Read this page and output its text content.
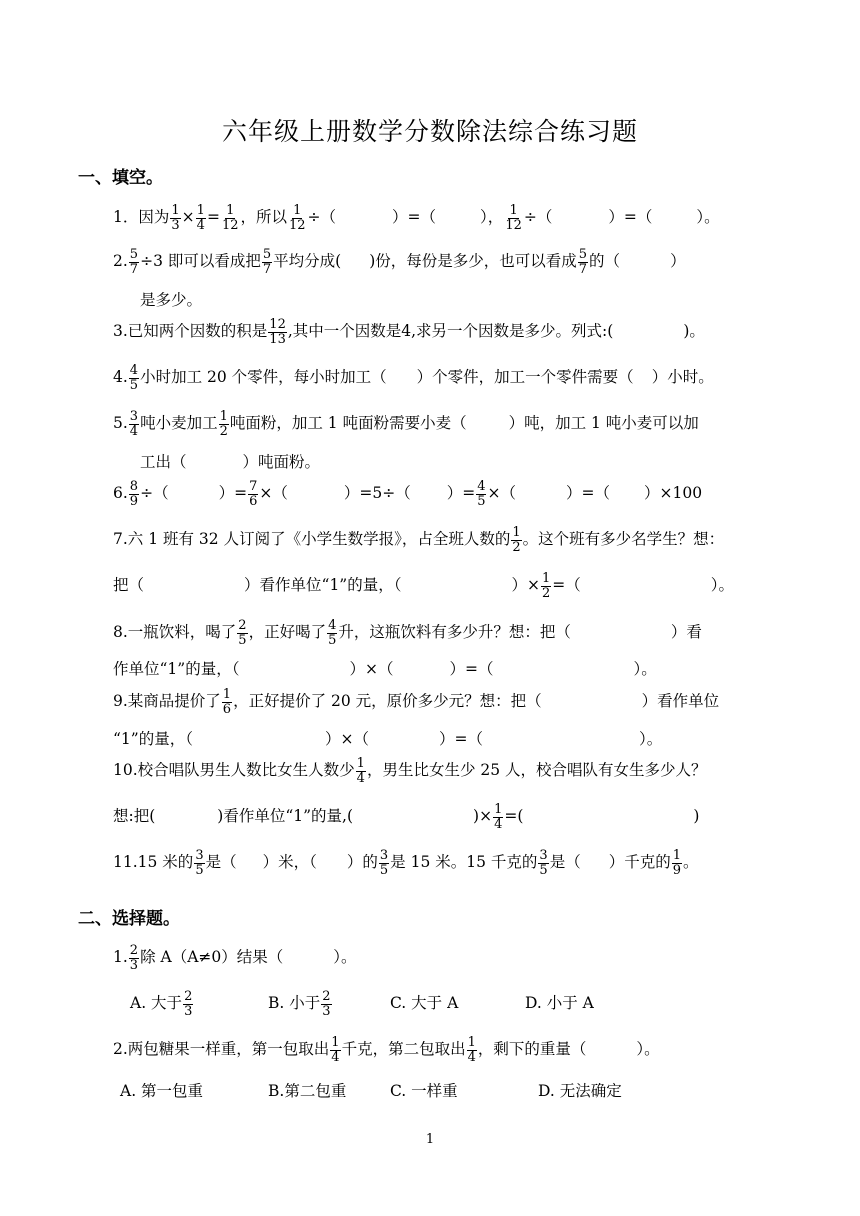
六年级上册数学分数除法综合练习题
一、填空。
1．因为 $\frac{1}{3} \times \frac{1}{4} = \frac{1}{12}$ ，所以 $\frac{1}{12}$ ÷（	）=（	）， $\frac{1}{12}$ ÷（	）=（	）。
2. $\frac{5}{7} \div 3$ 即可以看成把 $\frac{5}{7}$ 平均分成( )份，每份是多少，也可以看成 $\frac{5}{7}$ 的（	）
是多少。
3.已知两个因数的积是 $\frac{12}{13}$ ,其中一个因数是4,求另一个因数是多少。列式:(	)。
4. $\frac{4}{5}$ 小时加工 20 个零件，每小时加工（ ）个零件，加工一个零件需要（ ）小时。
5. $\frac{3}{4}$ 吨小麦加工 $\frac{1}{2}$ 吨面粉，加工 1 吨面粉需要小麦（	）吨，加工 1 吨小麦可以加
工出（	）吨面粉。
6. $\frac{8}{9}$ ÷（	）= $\frac{7}{6}$ ×（	）=5÷（ ）= $\frac{4}{5}$ ×（	）=（ ）×100
7.六 1 班有 32 人订阅了《小学生数学报》，占全班人数的 $\frac{1}{2}$ 。这个班有多少名学生？想：
把（	）看作单位“1”的量，（	）× $\frac{1}{2}$ =（	）。
8.一瓶饮料，喝了 $\frac{2}{5}$ ，正好喝了 $\frac{4}{5}$ 升，这瓶饮料有多少升？想：把（	）看
作单位“1”的量，（	）×（	）=（	）。
9.某商品提价了 $\frac{1}{6}$ ，正好提价了 20 元，原价多少元？想：把（	）看作单位
“1”的量，（	）×（	）=（	）。
10.校合唱队男生人数比女生人数少 $\frac{1}{4}$ ，男生比女生少 25 人，校合唱队有女生多少人？
想:把(	)看作单位“1”的量,(	)× $\frac{1}{4}$ =(	)
11.15 米的 $\frac{3}{5}$ 是（ ）米，（ ）的 $\frac{3}{5}$ 是 15 米。15 千克的 $\frac{3}{5}$ 是（ ）千克的 $\frac{1}{9}$ 。
二、选择题。
1. $\frac{2}{3}$ 除 A（A≠0）结果（	）。
A. 大于 $\frac{2}{3}$	B. 小于 $\frac{2}{3}$	C. 大于 A	D. 小于 A
2.两包糖果一样重，第一包取出 $\frac{1}{4}$ 千克，第二包取出 $\frac{1}{4}$ ，剩下的重量（	）。
A. 第一包重	B.第二包重	C. 一样重	D. 无法确定
1
